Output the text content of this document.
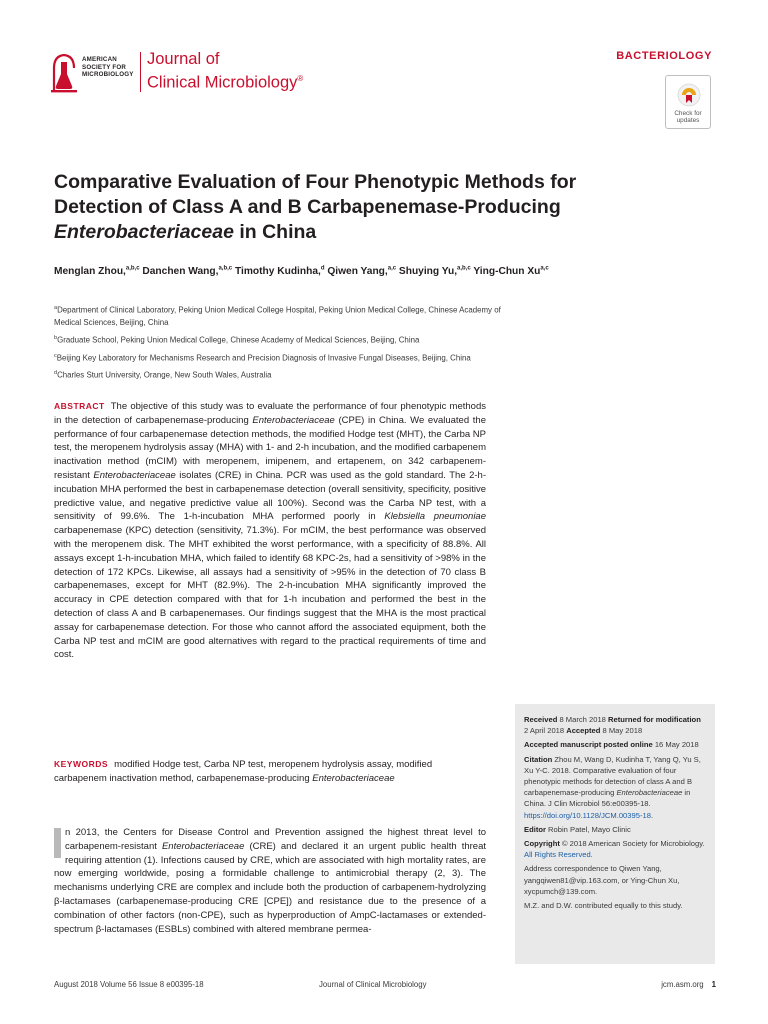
AMERICAN
SOCIETY FOR
MICROBIOLOGY
Journal of
Clinical Microbiology®
BACTERIOLOGY
Check for
updates
Comparative Evaluation of Four Phenotypic Methods for
Detection of Class A and B Carbapenemase-Producing
Enterobacteriaceae in China
Menglan Zhou,$^{a,b,c}$ Danchen Wang,$^{a,b,c}$ Timothy Kudinha,$^d$ Qiwen Yang,$^{a,c}$ Shuying Yu,$^{a,b,c}$ Ying-Chun Xu$^{a,c}$

$^a$Department of Clinical Laboratory, Peking Union Medical College Hospital, Peking Union Medical College, Chinese Academy of Medical Sciences, Beijing, China

$^b$Graduate School, Peking Union Medical College, Chinese Academy of Medical Sciences, Beijing, China

$^c$Beijing Key Laboratory for Mechanisms Research and Precision Diagnosis of Invasive Fungal Diseases, Beijing, China

$^d$Charles Sturt University, Orange, New South Wales, Australia

ABSTRACT The objective of this study was to evaluate the performance of four phenotypic methods in the detection of carbapenemase-producing Enterobacteriaceae (CPE) in China. We evaluated the performance of four carbapenemase detection methods, the modified Hodge test (MHT), the Carba NP test, the meropenem hydrolysis assay (MHA) with 1- and 2-h incubation, and the modified carbapenem inactivation method (mCIM) with meropenem, imipenem, and ertapenem, on 342 carbapenem-resistant Enterobacteriaceae isolates (CRE) in China. PCR was used as the gold standard. The 2-h-incubation MHA performed the best in carbapenemase detection (overall sensitivity, specificity, positive predictive value, and negative predictive value all 100%). Second was the Carba NP test, with a sensitivity of 99.6%. The 1-h-incubation MHA performed poorly in Klebsiella pneumoniae carbapenemase (KPC) detection (sensitivity, 71.3%). For mCIM, the best performance was observed with the meropenem disk. The MHT exhibited the worst performance, with a specificity of 88.8%. All assays except 1-h-incubation MHA, which failed to identify 68 KPC-2s, had a sensitivity of >98% in the detection of 172 KPCs. Likewise, all assays had a sensitivity of >95% in the detection of 70 class B carbapenemases, except for MHT (82.9%). The 2-h-incubation MHA significantly improved the accuracy in CPE detection compared with that for 1-h incubation and performed the best in the detection of class A and B carbapenemases. Our findings suggest that the MHA is the most practical assay for carbapenemase detection. For those who cannot afford the associated equipment, both the Carba NP test and mCIM are good alternatives with regard to the practical requirements of time and cost.
KEYWORDS modified Hodge test, Carba NP test, meropenem hydrolysis assay, modified carbapenem inactivation method, carbapenemase-producing Enterobacteriaceae
n 2013, the Centers for Disease Control and Prevention assigned the highest threat level to carbapenem-resistant Enterobacteriaceae (CRE) and declared it an urgent public health threat requiring attention (1). Infections caused by CRE, which are associated with high mortality rates, are now emerging worldwide, posing a formidable challenge to antimicrobial therapy (2, 3). The mechanisms underlying CRE are complex and include both the production of carbapenem-hydrolyzing β-lactamases (carbapenemase-producing CRE [CPE]) and resistance due to the presence of a combination of other factors (non-CPE), such as hyperproduction of AmpC-lactamases or extended-spectrum β-lactamases (ESBLs) combined with altered membrane permea-

Received 8 March 2018 Returned for modification 2 April 2018 Accepted 8 May 2018

Accepted manuscript posted online 16 May 2018

Citation Zhou M, Wang D, Kudinha T, Yang Q, Yu S, Xu Y-C. 2018. Comparative evaluation of four phenotypic methods for detection of class A and B carbapenemase-producing Enterobacteriaceae in China. J Clin Microbiol 56:e00395-18. https://doi.org/10.1128/JCM.00395-18.

Editor Robin Patel, Mayo Clinic

Copyright © 2018 American Society for Microbiology. All Rights Reserved.

Address correspondence to Qiwen Yang, yangqiwen81@vip.163.com, or Ying-Chun Xu, xycpumch@139.com.

M.Z. and D.W. contributed equally to this study.

August 2018 Volume 56 Issue 8 e00395-18	Journal of Clinical Microbiology	jcm.asm.org 1
